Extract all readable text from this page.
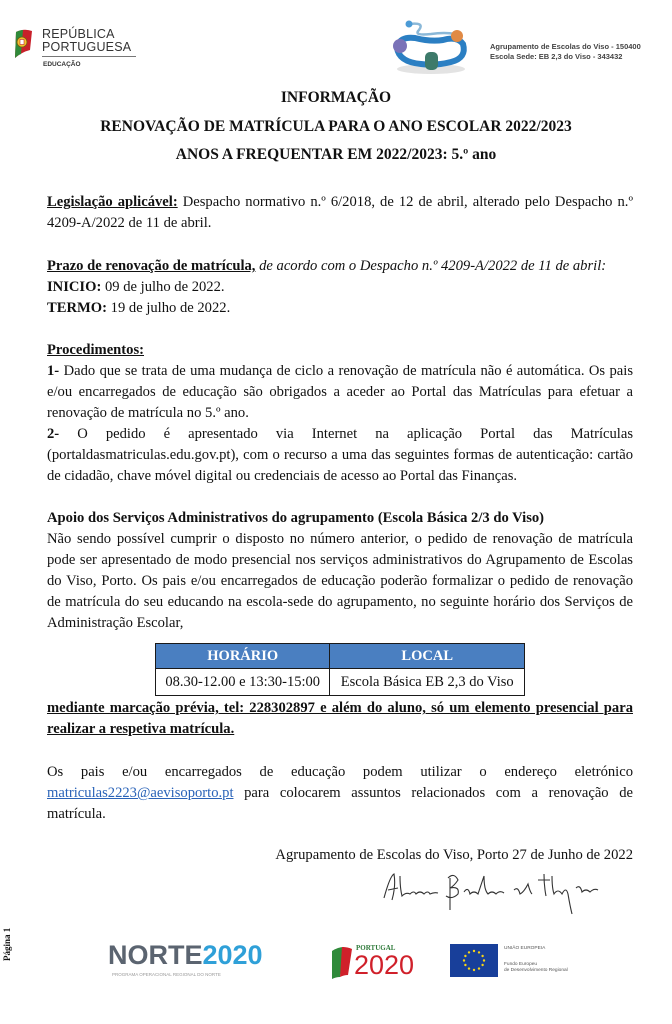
REPÚBLICA
PORTUGUESA
EDUCAÇÃO
Agrupamento de Escolas do Viso - 150400
Escola Sede: EB 2,3 do Viso - 343432
INFORMAÇÃO
RENOVAÇÃO DE MATRÍCULA PARA O ANO ESCOLAR 2022/2023
ANOS A FREQUENTAR EM 2022/2023: 5.º ano
Legislação aplicável: Despacho normativo n.º 6/2018, de 12 de abril, alterado pelo Despacho n.º 4209-A/2022 de 11 de abril.
Prazo de renovação de matrícula, de acordo com o Despacho n.º 4209-A/2022 de 11 de abril:
INICIO: 09 de julho de 2022.
TERMO: 19 de julho de 2022.
Procedimentos:
1- Dado que se trata de uma mudança de ciclo a renovação de matrícula não é automática. Os pais e/ou encarregados de educação são obrigados a aceder ao Portal das Matrículas para efetuar a renovação de matrícula no 5.º ano.
2- O pedido é apresentado via Internet na aplicação Portal das Matrículas (portaldasmatriculas.edu.gov.pt), com o recurso a uma das seguintes formas de autenticação: cartão de cidadão, chave móvel digital ou credenciais de acesso ao Portal das Finanças.
Apoio dos Serviços Administrativos do agrupamento (Escola Básica 2/3 do Viso)
Não sendo possível cumprir o disposto no número anterior, o pedido de renovação de matrícula pode ser apresentado de modo presencial nos serviços administrativos do Agrupamento de Escolas do Viso, Porto. Os pais e/ou encarregados de educação poderão formalizar o pedido de renovação de matrícula do seu educando na escola-sede do agrupamento, no seguinte horário dos Serviços de Administração Escolar,
HORÁRIO	LOCAL
08.30-12.00 e 13:30-15:00	Escola Básica EB 2,3 do Viso
mediante marcação prévia, tel: 228302897 e além do aluno, só um elemento presencial para realizar a respetiva matrícula.
Os pais e/ou encarregados de educação podem utilizar o endereço eletrónico matriculas2223@aevisoporto.pt para colocarem assuntos relacionados com a renovação de matrícula.
Agrupamento de Escolas do Viso, Porto 27 de Junho de 2022
Página 1	NORTE2020
PROGRAMA OPERACIONAL REGIONAL DO NORTE
PORTUGAL
2020
UNIÃO EUROPEIA
Fundo Europeu
de Desenvolvimento Regional
